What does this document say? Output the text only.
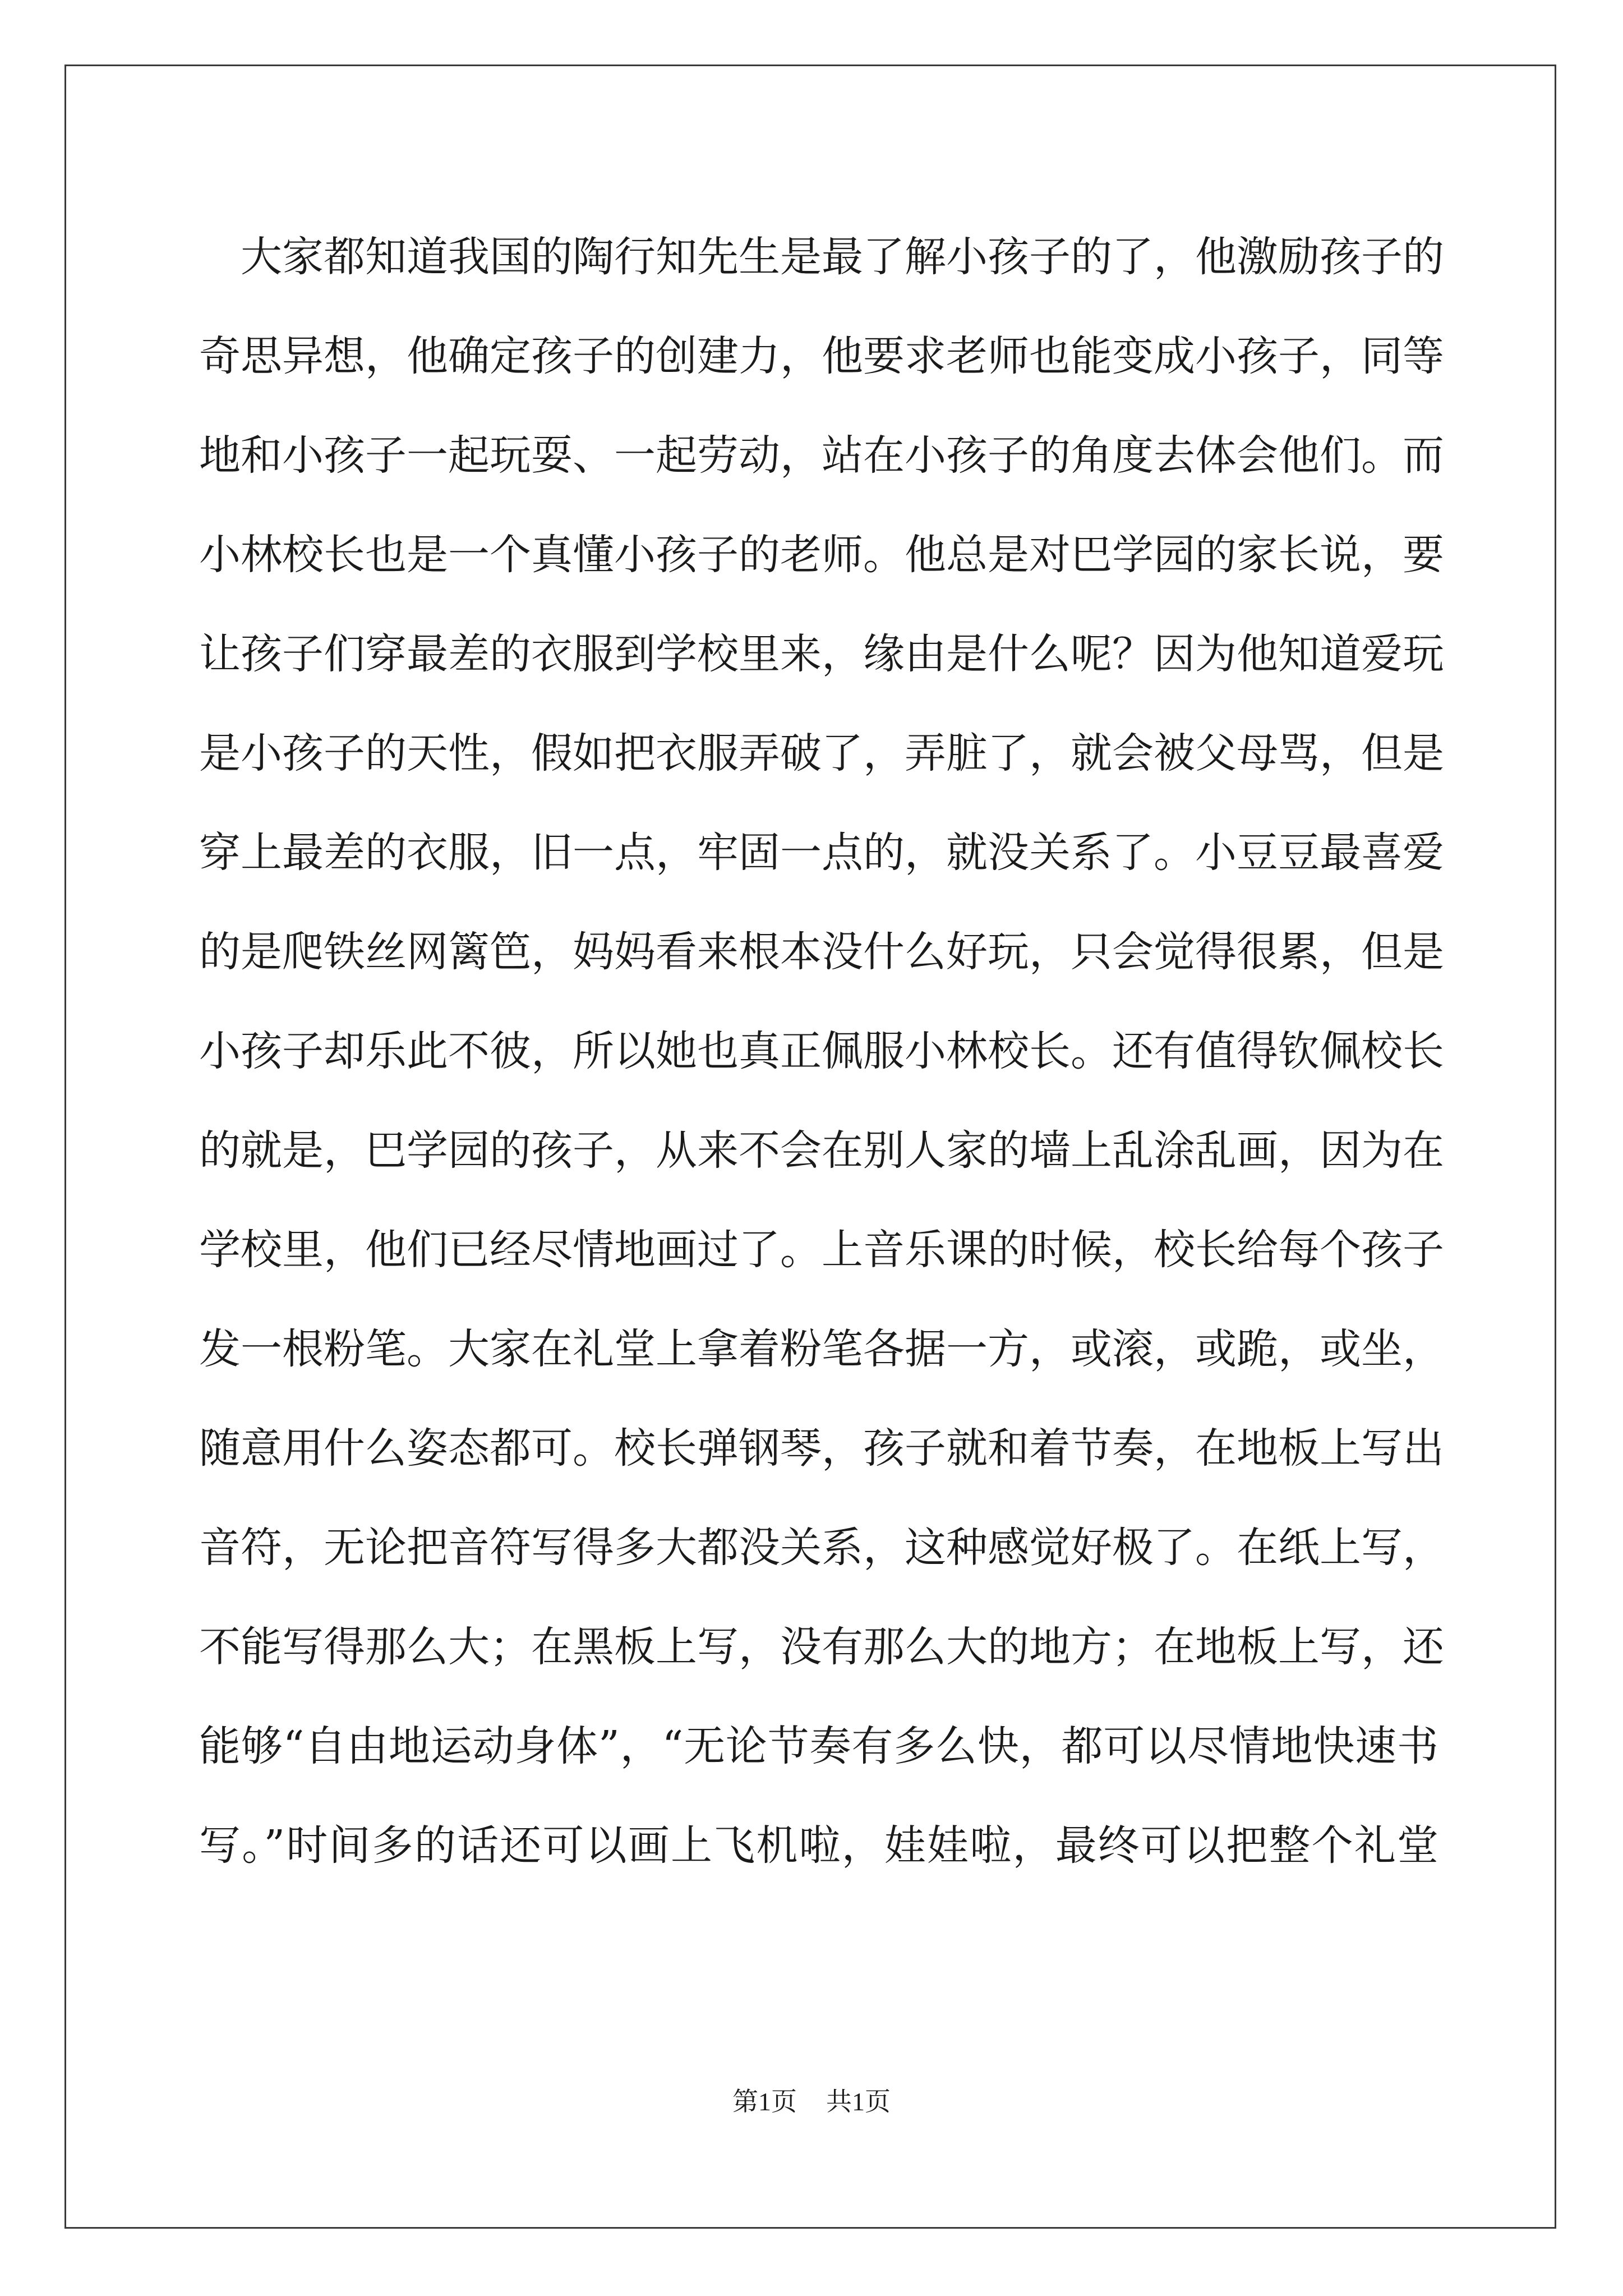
大家都知道我国的陶行知先生是最了解小孩子的了，他激励孩子的
奇思异想，他确定孩子的创建力，他要求老师也能变成小孩子，同等
地和小孩子一起玩耍、一起劳动，站在小孩子的角度去体会他们。而
小林校长也是一个真懂小孩子的老师。他总是对巴学园的家长说，要
让孩子们穿最差的衣服到学校里来，缘由是什么呢？因为他知道爱玩
是小孩子的天性，假如把衣服弄破了，弄脏了，就会被父母骂，但是
穿上最差的衣服，旧一点，牢固一点的，就没关系了。小豆豆最喜爱
的是爬铁丝网篱笆，妈妈看来根本没什么好玩，只会觉得很累，但是
小孩子却乐此不彼，所以她也真正佩服小林校长。还有值得钦佩校长
的就是，巴学园的孩子，从来不会在别人家的墙上乱涂乱画，因为在
学校里，他们已经尽情地画过了。上音乐课的时候，校长给每个孩子
发一根粉笔。大家在礼堂上拿着粉笔各据一方，或滚，或跪，或坐，
随意用什么姿态都可。校长弹钢琴，孩子就和着节奏，在地板上写出
音符，无论把音符写得多大都没关系，这种感觉好极了。在纸上写，
不能写得那么大；在黑板上写，没有那么大的地方；在地板上写，还
能够“自由地运动身体”，“无论节奏有多么快，都可以尽情地快速书
写。”时间多的话还可以画上飞机啦，娃娃啦，最终可以把整个礼堂
第1页 共1页
